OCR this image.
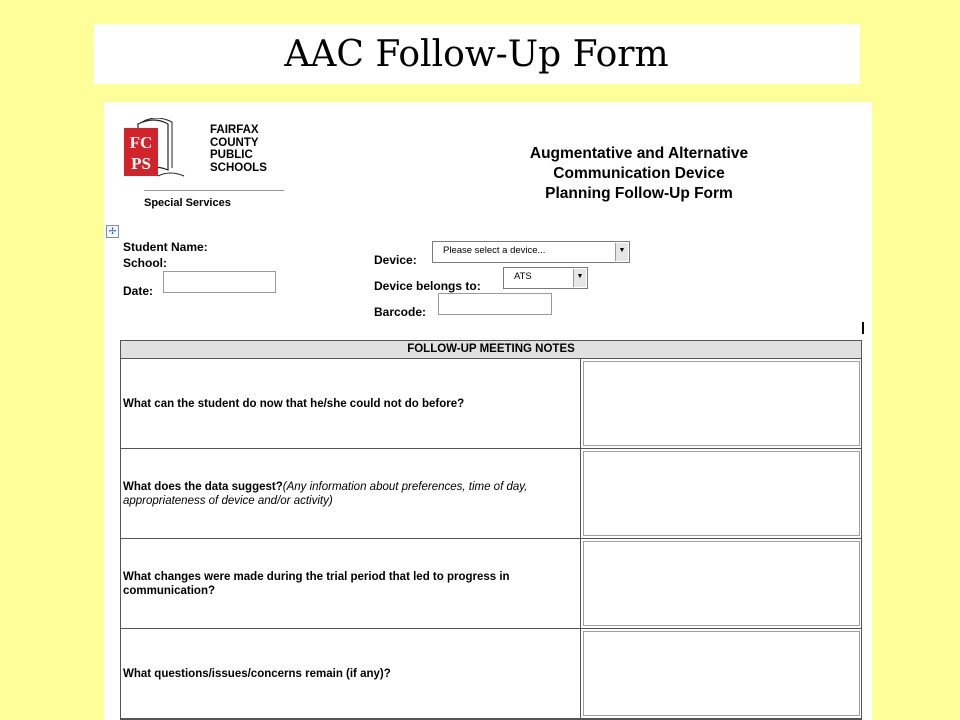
AAC Follow-Up Form
FC
PS
FAIRFAX
COUNTY
PUBLIC
SCHOOLS
Special Services
Augmentative and Alternative
Communication Device
Planning Follow-Up Form
✢
Student Name:
School:
Date:
Device:
Please select a device...	▼
Device belongs to:
ATS	▼
Barcode:
FOLLOW-UP MEETING NOTES
What can the student do now that he/she could not do before?
What does the data suggest?(Any information about preferences, time of day, appropriateness of device and/or activity)
What changes were made during the trial period that led to progress in communication?
What questions/issues/concerns remain (if any)?
